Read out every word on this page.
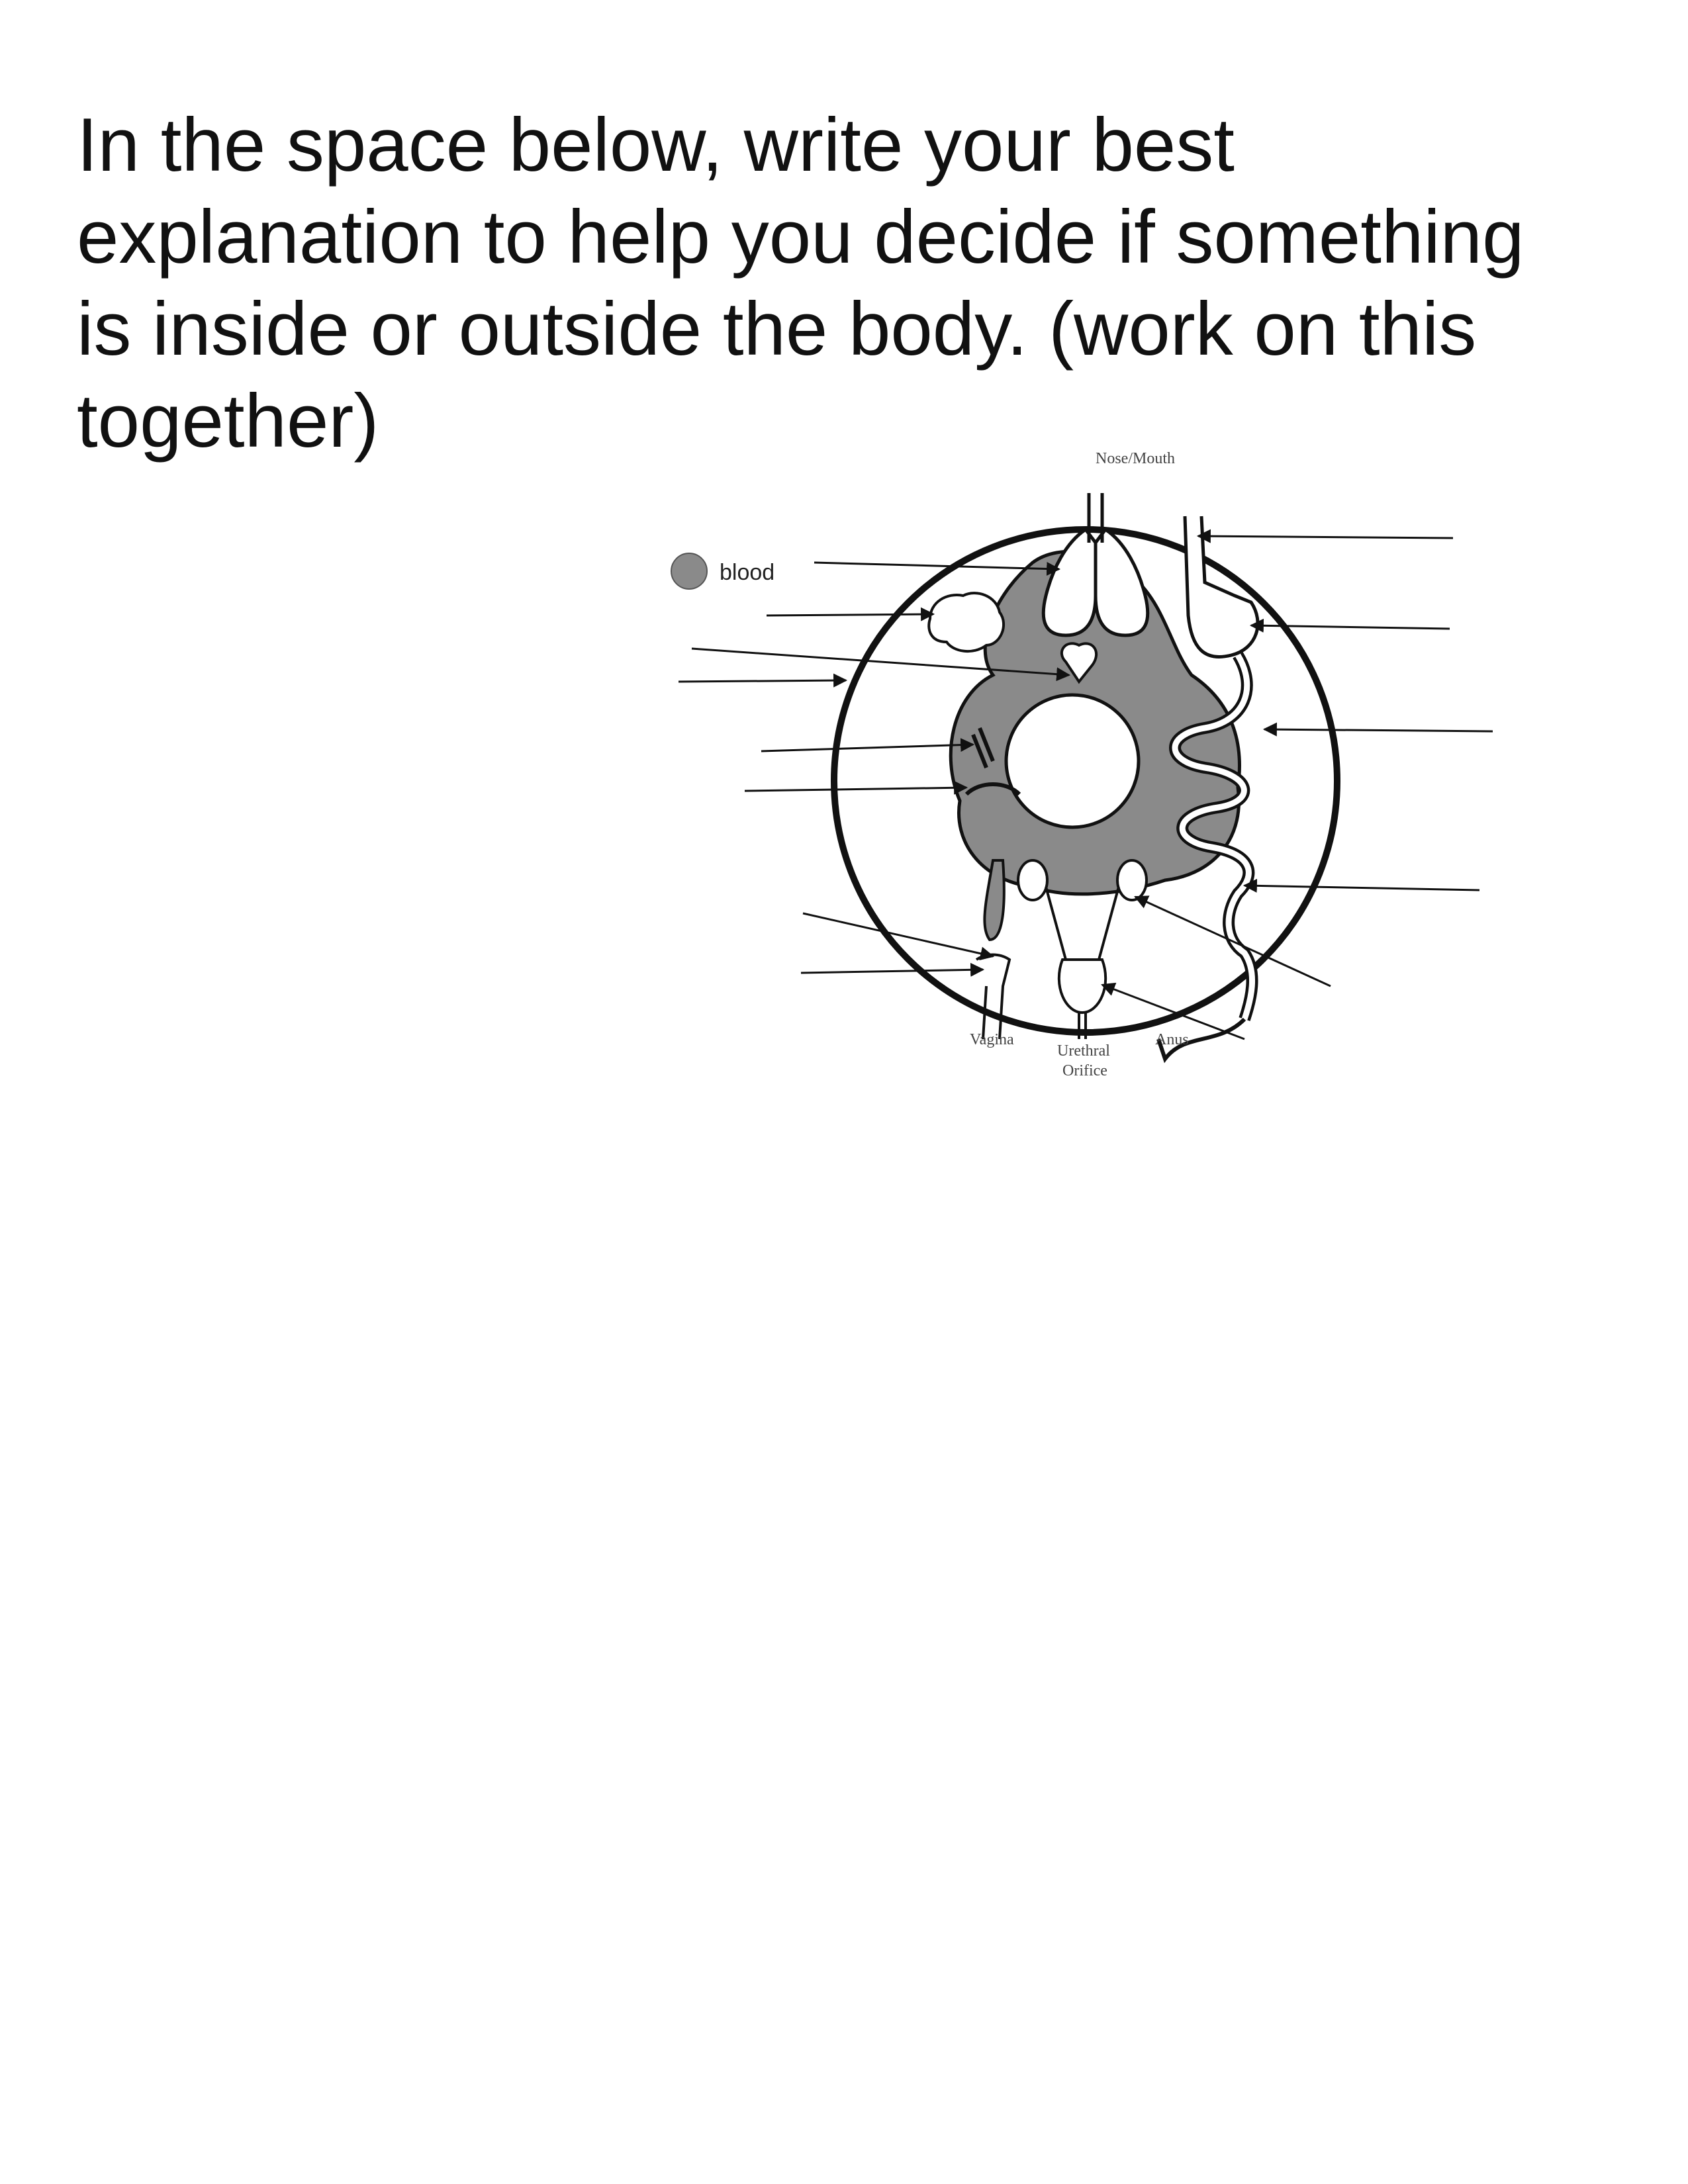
In the space below, write your best
explanation to help you decide if something
is inside or outside the body. (work on this
together)
blood
Nose/Mouth
Vagina
Urethral
Orifice
Anus
